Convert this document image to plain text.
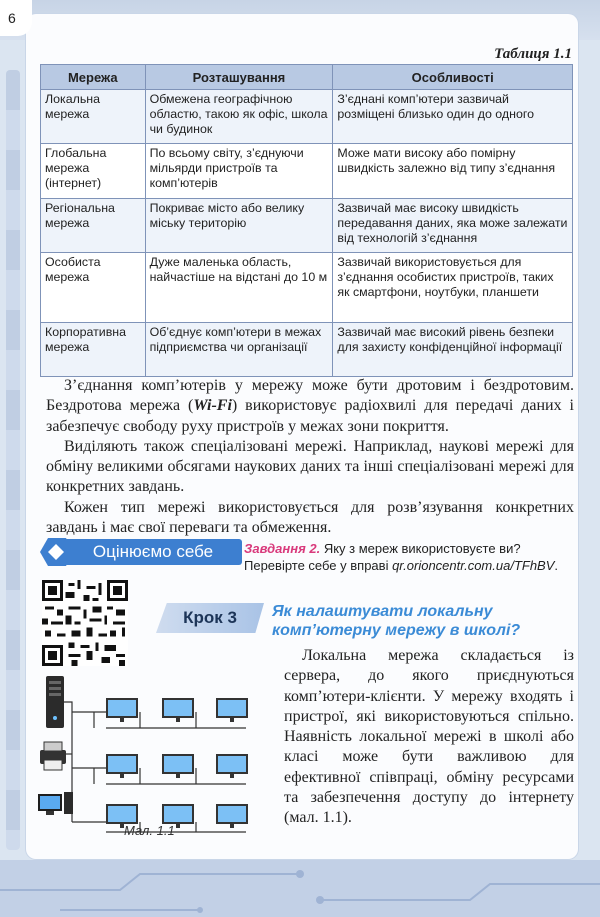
6
Таблиця 1.1
Мережа	Розташування	Особливості
Локальна мережа	Обмежена географічною областю, такою як офіс, школа чи будинок	З’єднані комп’ютери зазвичай розміщені близько один до одного
Глобальна мережа (інтернет)	По всьому світу, з’єднуючи мільярди пристроїв та комп’ютерів	Може мати високу або помірну швидкість залежно від типу з’єднання
Регіональна мережа	Покриває місто або велику міську територію	Зазвичай має високу швидкість передавання даних, яка може залежати від технологій з’єднання
Особиста мережа	Дуже маленька область, найчастіше на відстані до 10 м	Зазвичай використовується для з’єднання особистих пристроїв, таких як смартфони, ноутбуки, планшети
Корпоративна мережа	Об’єднує комп’ютери в межах підприємства чи організації	Зазвичай має високий рівень безпеки для захисту конфіденційної інформації

З’єднання комп’ютерів у мережу може бути дротовим і бездротовим. Бездротова мережа (Wi-Fi) використовує радіохвилі для передачі даних і забезпечує свободу руху пристроїв у межах зони покриття.

Виділяють також спеціалізовані мережі. Наприклад, наукові мережі для обміну великими обсягами наукових даних та інші спеціалізовані мережі для конкретних завдань.

Кожен тип мережі використовується для розв’язування конкретних завдань і має свої переваги та обмеження.

Оцінюємо себе	Завдання 2. Яку з мереж використовуєте ви? Перевірте себе у вправі qr.orioncentr.com.ua/TFhBV.
Крок 3	Як налаштувати локальну комп’ютерну мережу в школі?
Мал. 1.1

Локальна мережа складається із сервера, до якого приєднуються комп’ютери-клієнти. У мережу входять і пристрої, які використовуються спільно. Наявність локальної мережі в школі або класі може бути важливою для ефективної співпраці, обміну ресурсами та забезпечення доступу до інтернету (мал. 1.1).
